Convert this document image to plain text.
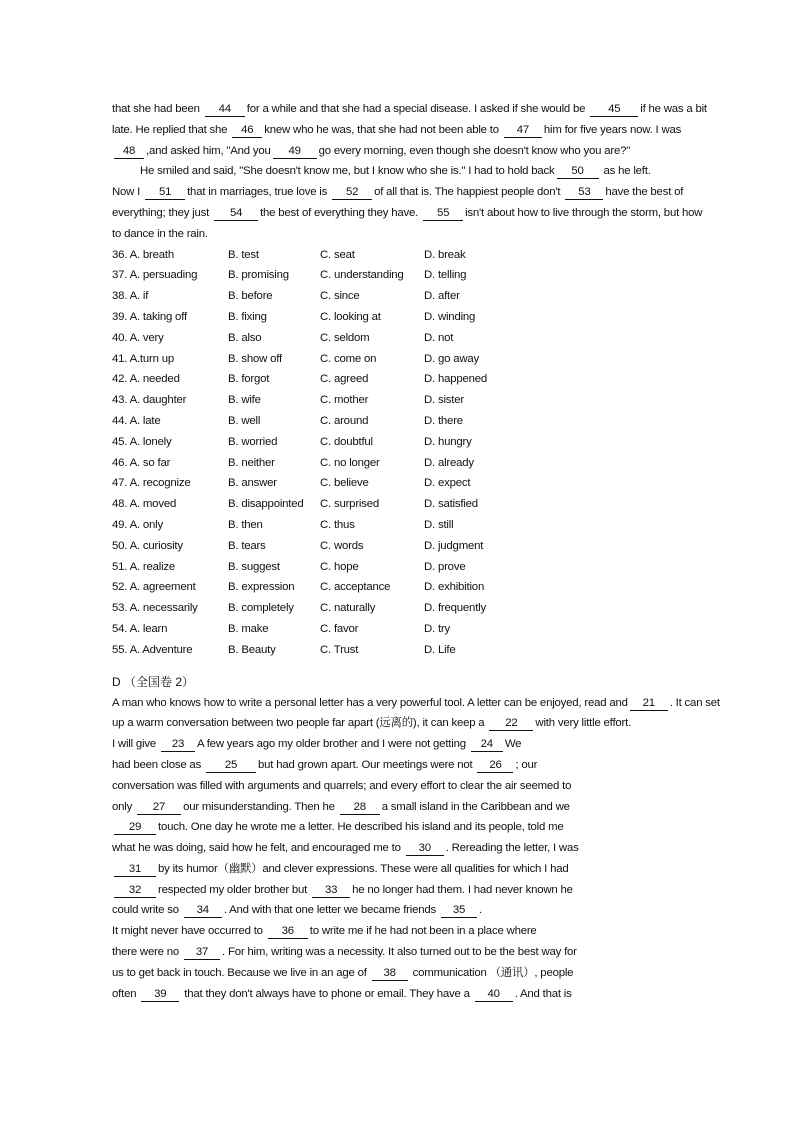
that she had been 44 for a while and that she had a special disease. I asked if she would be 45 if he was a bit
late. He replied that she 46 knew who he was, that she had not been able to 47 him for five years now. I was
48 ,and asked him, "And you 49 go every morning, even though she doesn't know who you are?"
He smiled and said, "She doesn't know me, but I know who she is." I had to hold back 50 as he left.
Now I 51 that in marriages, true love is 52 of all that is. The happiest people don't 53 have the best of
everything; they just 54 the best of everything they have. 55 isn't about how to live through the storm, but how
to dance in the rain.
36. A. breath	B. test	C. seat	D. break
37. A. persuading	B. promising	C. understanding	D. telling
38. A. if	B. before	C. since	D. after
39. A. taking off	B. fixing	C. looking at	D. winding
40. A. very	B. also	C. seldom	D. not
41. A.turn up	B. show off	C. come on	D. go away
42. A. needed	B. forgot	C. agreed	D. happened
43. A. daughter	B. wife	C. mother	D. sister
44. A. late	B. well	C. around	D. there
45. A. lonely	B. worried	C. doubtful	D. hungry
46. A. so far	B. neither	C. no longer	D. already
47. A. recognize	B. answer	C. believe	D. expect
48. A. moved	B. disappointed	C. surprised	D. satisfied
49. A. only	B. then	C. thus	D. still
50. A. curiosity	B. tears	C. words	D. judgment
51. A. realize	B. suggest	C. hope	D. prove
52. A. agreement	B. expression	C. acceptance	D. exhibition
53. A. necessarily	B. completely	C. naturally	D. frequently
54. A. learn	B. make	C. favor	D. try
55. A. Adventure	B. Beauty	C. Trust	D. Life
D （全国卷 2）
A man who knows how to write a personal letter has a very powerful tool. A letter can be enjoyed, read and 21 . It can set
up a warm conversation between two people far apart (远离的), it can keep a 22 with very little effort.
I will give 23 A few years ago my older brother and I were not getting 24 We
had been close as 25 but had grown apart. Our meetings were not 26 ; our
conversation was filled with arguments and quarrels; and every effort to clear the air seemed to
only 27 our misunderstanding. Then he 28 a small island in the Caribbean and we
29 touch. One day he wrote me a letter. He described his island and its people, told me
what he was doing, said how he felt, and encouraged me to 30 . Rereading the letter, I was
31 by its humor（幽默）and clever expressions. These were all qualities for which I had
32 respected my older brother but 33 he no longer had them. I had never known he
could write so 34 . And with that one letter we became friends 35 .
It might never have occurred to 36 to write me if he had not been in a place where
there were no 37 . For him, writing was a necessity. It also turned out to be the best way for
us to get back in touch. Because we live in an age of 38 communication （通讯）, people
often 39 that they don't always have to phone or email. They have a 40 . And that is
